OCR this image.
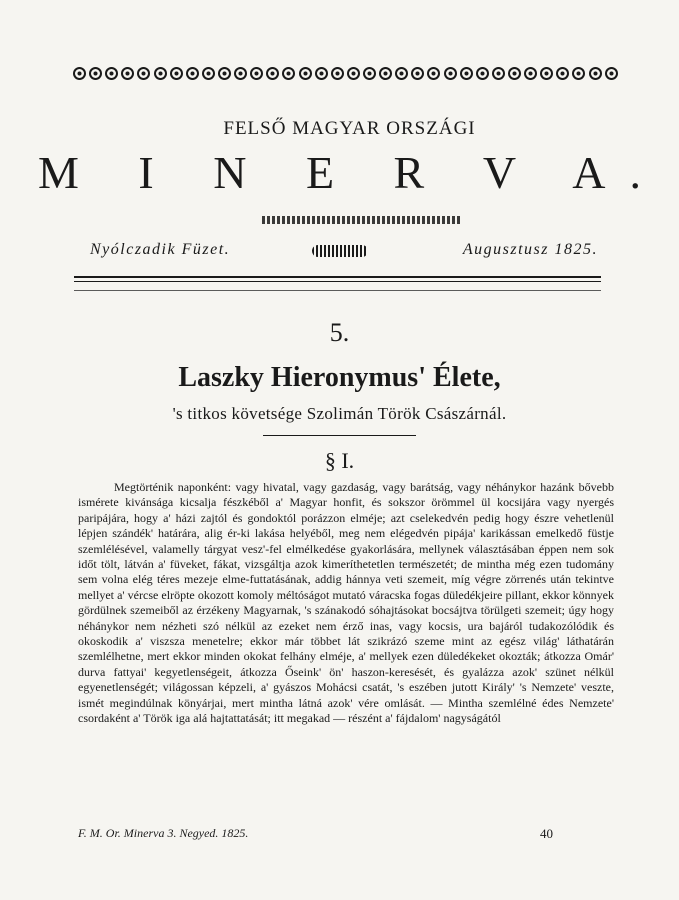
FELSŐ MAGYAR ORSZÁGI
M I N E R V A.
Nyólczadik Füzet.	Augusztusz 1825.
5.
Laszky Hieronymus' Élete,
's titkos követsége Szolimán Török Császárnál.
§ I.

Megtörténik naponként: vagy hivatal, vagy gazdaság, vagy barátság, vagy néhánykor hazánk bővebb ismérete kivánsága kicsalja fészkéből a' Magyar honfit, és sokszor örömmel ül kocsijára vagy nyergés paripájára, hogy a' házi zajtól és gondoktól porázzon elméje; azt cselekedvén pedig hogy észre vehetlenül lépjen szándék' határára, alig ér-ki lakása helyéből, meg nem elégedvén pipája' karikássan emelkedő füstje szemlélésével, valamelly tárgyat vesz'-fel elmélkedése gyakorlására, mellynek választásában éppen nem sok időt tölt, látván a' füveket, fákat, vizsgáltja azok kimeríthetetlen természetét; de mintha még ezen tudomány sem volna elég téres mezeje elme-futtatásának, addig hánnya veti szemeit, míg végre zörrenés után tekintve mellyet a' vércse elröpte okozott komoly méltóságot mutató váracska fogas düledékjeire pillant, ekkor könnyek gördülnek szemeiből az érzékeny Magyarnak, 's szánakodó sóhajtásokat bocsájtva törülgeti szemeit; úgy hogy néhánykor nem nézheti szó nélkül az ezeket nem érző inas, vagy kocsis, ura bajáról tudakozólódik és okoskodik a' viszsza menetelre; ekkor már többet lát szikrázó szeme mint az egész világ' láthatárán szemlélhetne, mert ekkor minden okokat felhány elméje, a' mellyek ezen düledékeket okozták; átkozza Omár' durva fattyai' kegyetlenségeit, átkozza Őseink' ön' haszon-keresését, és gyalázza azok' szünet nélkül egyenetlenségét; világossan képzeli, a' gyászos Mohácsi csatát, 's eszében jutott Király' 's Nemzete' veszte, ismét megindúlnak könyárjai, mert mintha látná azok' vére omlását. — Mintha szemlélné édes Nemzete' csordaként a' Török iga alá hajtattatását; itt megakad — részént a' fájdalom' nagyságától

F. M. Or. Minerva 3. Negyed. 1825.	40
